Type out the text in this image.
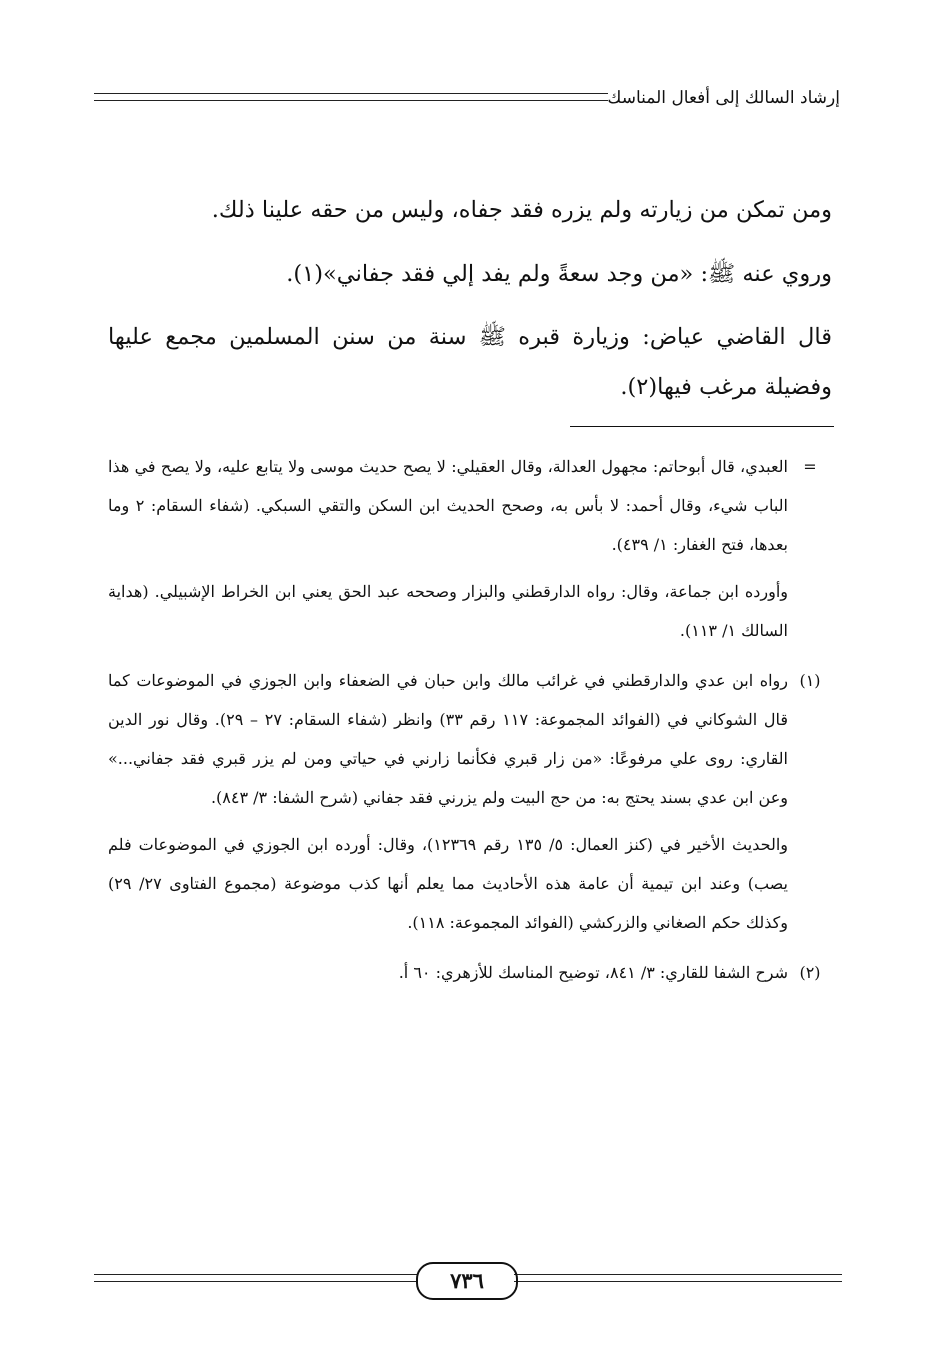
إرشاد السالك إلى أفعال المناسك

ومن تمكن من زيارته ولم يزره فقد جفاه، وليس من حقه علينا ذلك.

وروي عنه ﷺ: «من وجد سعةً ولم يفد إلي فقد جفاني»(١).

قال القاضي عياض: وزيارة قبره ﷺ سنة من سنن المسلمين مجمع عليها وفضيلة مرغب فيها(٢).

=

العبدي، قال أبوحاتم: مجهول العدالة، وقال العقيلي: لا يصح حديث موسى ولا يتابع عليه، ولا يصح في هذا الباب شيء، وقال أحمد: لا بأس به، وصحح الحديث ابن السكن والتقي السبكي. (شفاء السقام: ٢ وما بعدها، فتح الغفار: ١/ ٤٣٩).

وأورده ابن جماعة، وقال: رواه الدارقطني والبزار وصححه عبد الحق يعني ابن الخراط الإشبيلي. (هداية السالك ١/ ١١٣).

(١)

رواه ابن عدي والدارقطني في غرائب مالك وابن حبان في الضعفاء وابن الجوزي في الموضوعات كما قال الشوكاني في (الفوائد المجموعة: ١١٧ رقم ٣٣) وانظر (شفاء السقام: ٢٧ – ٢٩). وقال نور الدين القاري: روى علي مرفوعًا: «من زار قبري فكأنما زارني في حياتي ومن لم يزر قبري فقد جفاني...» وعن ابن عدي بسند يحتج به: من حج البيت ولم يزرني فقد جفاني (شرح الشفا: ٣/ ٨٤٣).

والحديث الأخير في (كنز العمال: ٥/ ١٣٥ رقم ١٢٣٦٩)، وقال: أورده ابن الجوزي في الموضوعات فلم يصب) وعند ابن تيمية أن عامة هذه الأحاديث مما يعلم أنها كذب موضوعة (مجموع الفتاوى ٢٧/ ٢٩) وكذلك حكم الصغاني والزركشي (الفوائد المجموعة: ١١٨).

(٢)

شرح الشفا للقاري: ٣/ ٨٤١، توضيح المناسك للأزهري: ٦٠ أ.

٧٣٦
